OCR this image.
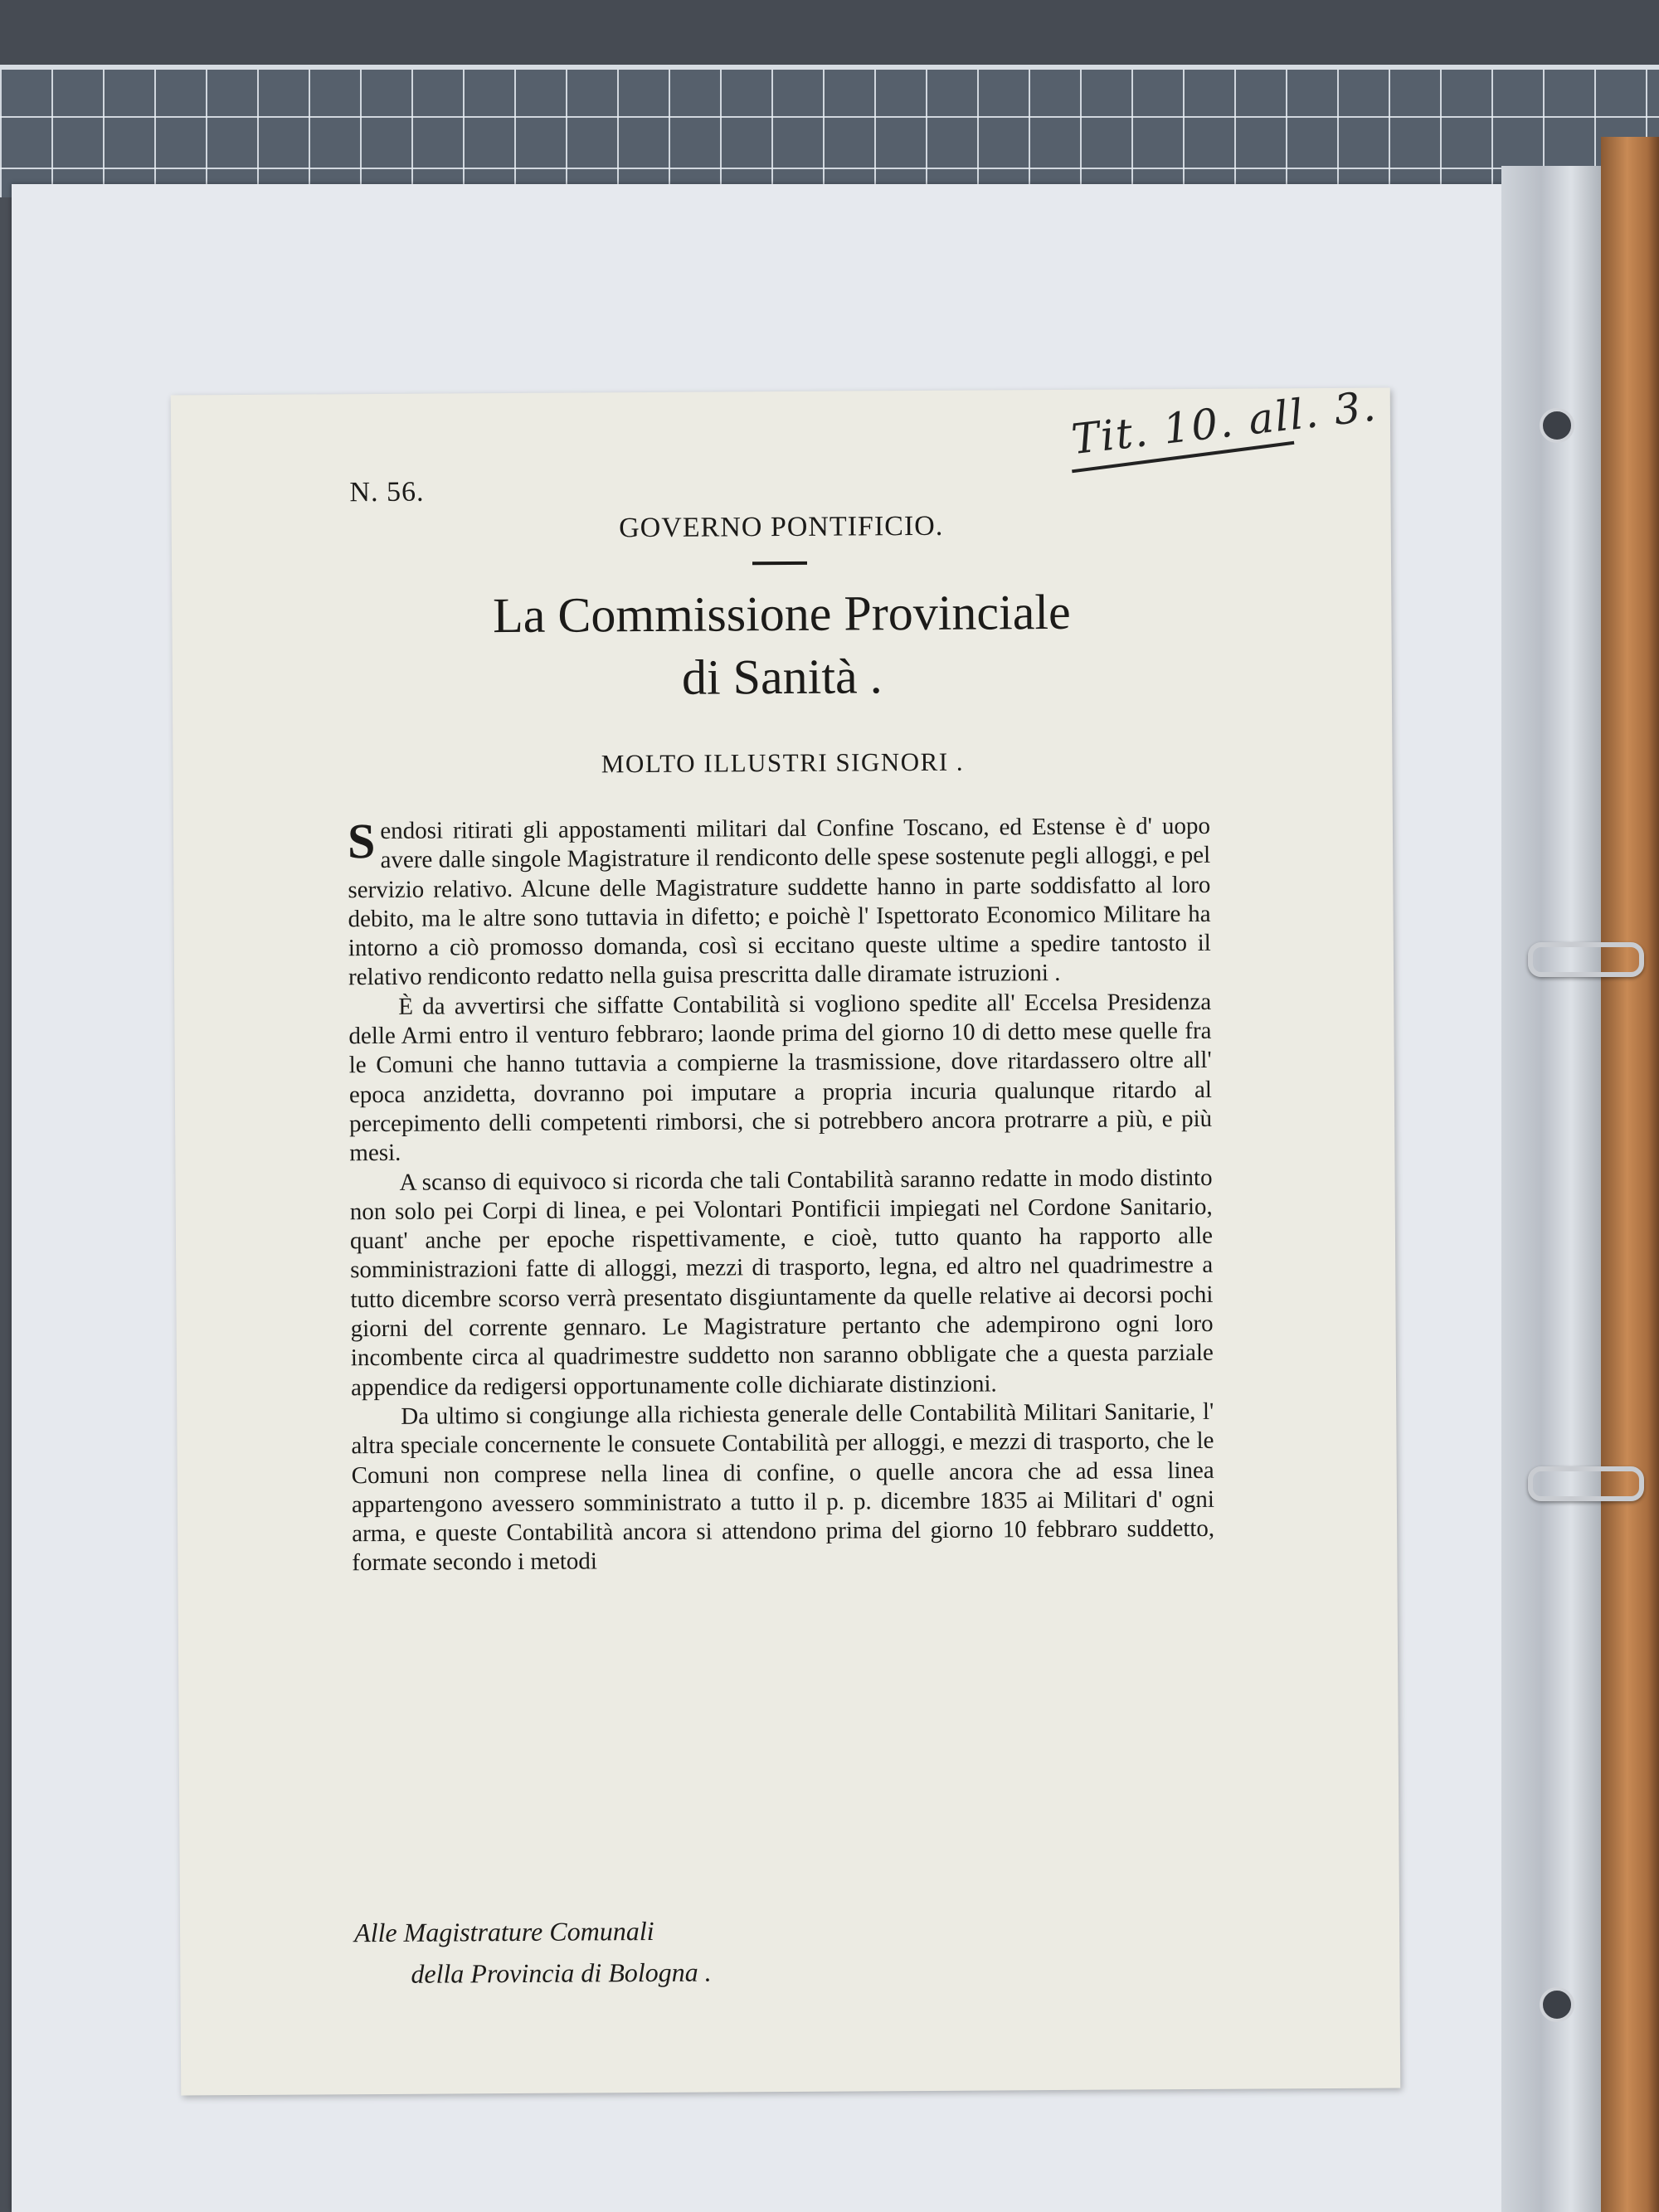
Tit. 10. all. 3.
N. 56.
GOVERNO PONTIFICIO.
La Commissione Provinciale
di Sanità .
MOLTO ILLUSTRI SIGNORI .

Sendosi ritirati gli appostamenti militari dal Confine Toscano, ed Estense è d' uopo avere dalle singole Magistrature il rendiconto delle spese sostenute pegli alloggi, e pel servizio relativo. Alcune delle Magistrature suddette hanno in parte soddisfatto al loro debito, ma le altre sono tuttavia in difetto; e poichè l' Ispettorato Economico Militare ha intorno a ciò promosso domanda, così si eccitano queste ultime a spedire tantosto il relativo rendiconto redatto nella guisa prescritta dalle diramate istruzioni .

È da avvertirsi che siffatte Contabilità si vogliono spedite all' Eccelsa Presidenza delle Armi entro il venturo febbraro; laonde prima del giorno 10 di detto mese quelle fra le Comuni che hanno tuttavia a compierne la trasmissione, dove ritardassero oltre all' epoca anzidetta, dovranno poi imputare a propria incuria qualunque ritardo al percepimento delli competenti rimborsi, che si potrebbero ancora protrarre a più, e più mesi.

A scanso di equivoco si ricorda che tali Contabilità saranno redatte in modo distinto non solo pei Corpi di linea, e pei Volontari Pontificii impiegati nel Cordone Sanitario, quant' anche per epoche rispettivamente, e cioè, tutto quanto ha rapporto alle somministrazioni fatte di alloggi, mezzi di trasporto, legna, ed altro nel quadrimestre a tutto dicembre scorso verrà presentato disgiuntamente da quelle relative ai decorsi pochi giorni del corrente gennaro. Le Magistrature pertanto che adempirono ogni loro incombente circa al quadrimestre suddetto non saranno obbligate che a questa parziale appendice da redigersi opportunamente colle dichiarate distinzioni.

Da ultimo si congiunge alla richiesta generale delle Contabilità Militari Sanitarie, l' altra speciale concernente le consuete Contabilità per alloggi, e mezzi di trasporto, che le Comuni non comprese nella linea di confine, o quelle ancora che ad essa linea appartengono avessero somministrato a tutto il p. p. dicembre 1835 ai Militari d' ogni arma, e queste Contabilità ancora si attendono prima del giorno 10 febbraro suddetto, formate secondo i metodi

Alle Magistrature Comunali
della Provincia di Bologna .
